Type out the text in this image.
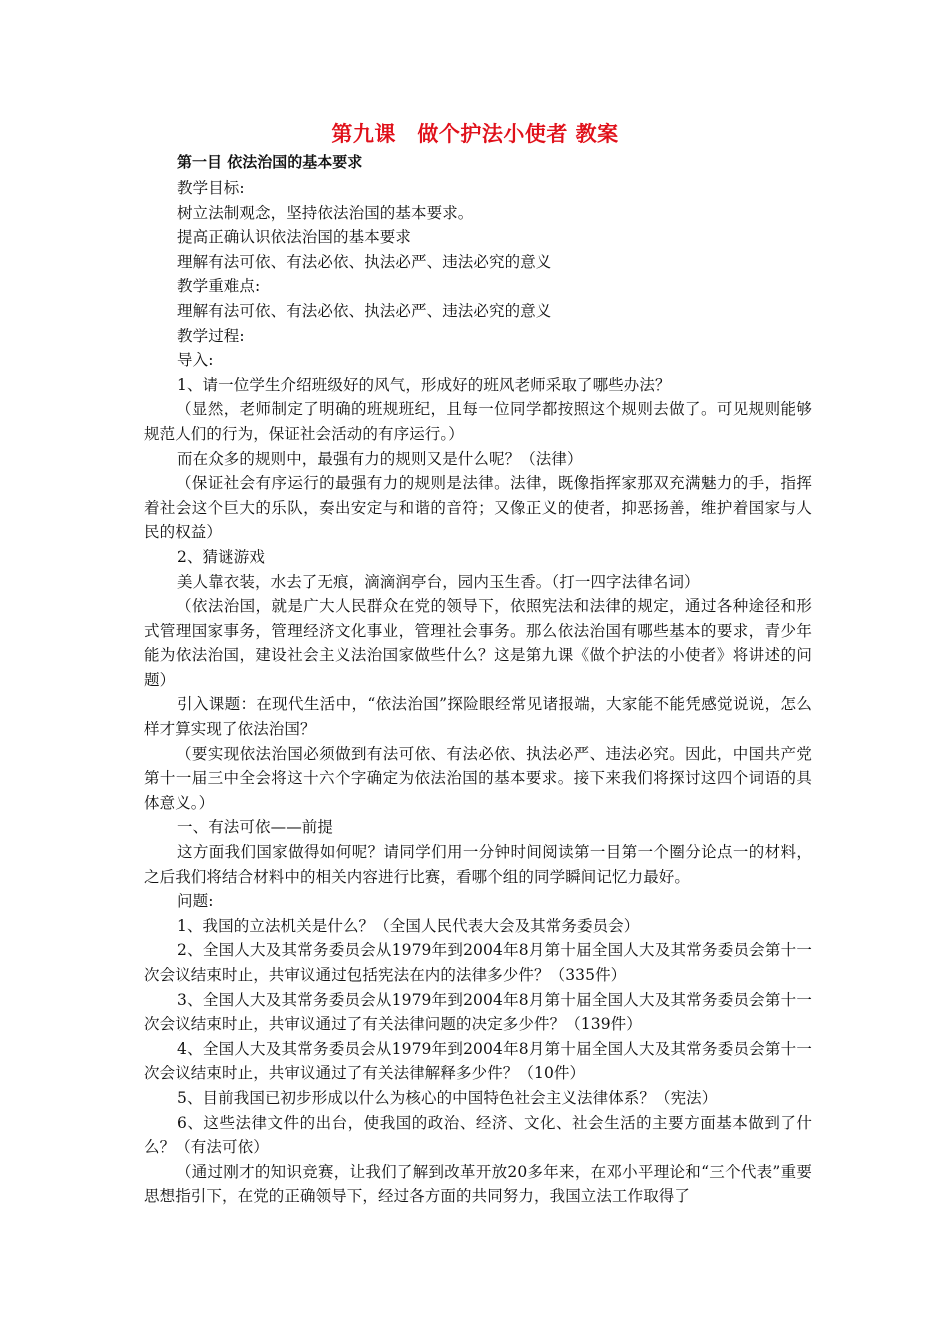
第九课　做个护法小使者 教案
第一目 依法治国的基本要求

教学目标:

树立法制观念，坚持依法治国的基本要求。

提高正确认识依法治国的基本要求

理解有法可依、有法必依、执法必严、违法必究的意义

教学重难点:

理解有法可依、有法必依、执法必严、违法必究的意义

教学过程:

导入:

1、请一位学生介绍班级好的风气，形成好的班风老师采取了哪些办法？

（显然，老师制定了明确的班规班纪，且每一位同学都按照这个规则去做了。可见规则能够规范人们的行为，保证社会活动的有序运行。）

而在众多的规则中，最强有力的规则又是什么呢？（法律）

（保证社会有序运行的最强有力的规则是法律。法律，既像指挥家那双充满魅力的手，指挥着社会这个巨大的乐队，奏出安定与和谐的音符；又像正义的使者，抑恶扬善，维护着国家与人民的权益）

2、猜谜游戏

美人靠衣装，水去了无痕，滴滴润亭台，园内玉生香。（打一四字法律名词）

（依法治国，就是广大人民群众在党的领导下，依照宪法和法律的规定，通过各种途径和形式管理国家事务，管理经济文化事业，管理社会事务。那么依法治国有哪些基本的要求，青少年能为依法治国，建设社会主义法治国家做些什么？这是第九课《做个护法的小使者》将讲述的问题）

引入课题：在现代生活中，“依法治国”探险眼经常见诸报端，大家能不能凭感觉说说，怎么样才算实现了依法治国？

（要实现依法治国必须做到有法可依、有法必依、执法必严、违法必究。因此，中国共产党第十一届三中全会将这十六个字确定为依法治国的基本要求。接下来我们将探讨这四个词语的具体意义。）

一、有法可依——前提

这方面我们国家做得如何呢？请同学们用一分钟时间阅读第一目第一个圈分论点一的材料，之后我们将结合材料中的相关内容进行比赛，看哪个组的同学瞬间记忆力最好。

问题:

1、我国的立法机关是什么？（全国人民代表大会及其常务委员会）

2、全国人大及其常务委员会从1979年到2004年8月第十届全国人大及其常务委员会第十一次会议结束时止，共审议通过包括宪法在内的法律多少件？（335件）

3、全国人大及其常务委员会从1979年到2004年8月第十届全国人大及其常务委员会第十一次会议结束时止，共审议通过了有关法律问题的决定多少件？（139件）

4、全国人大及其常务委员会从1979年到2004年8月第十届全国人大及其常务委员会第十一次会议结束时止，共审议通过了有关法律解释多少件？（10件）

5、目前我国已初步形成以什么为核心的中国特色社会主义法律体系？（宪法）

6、这些法律文件的出台，使我国的政治、经济、文化、社会生活的主要方面基本做到了什么？（有法可依）

（通过刚才的知识竞赛，让我们了解到改革开放20多年来，在邓小平理论和“三个代表”重要思想指引下，在党的正确领导下，经过各方面的共同努力，我国立法工作取得了
